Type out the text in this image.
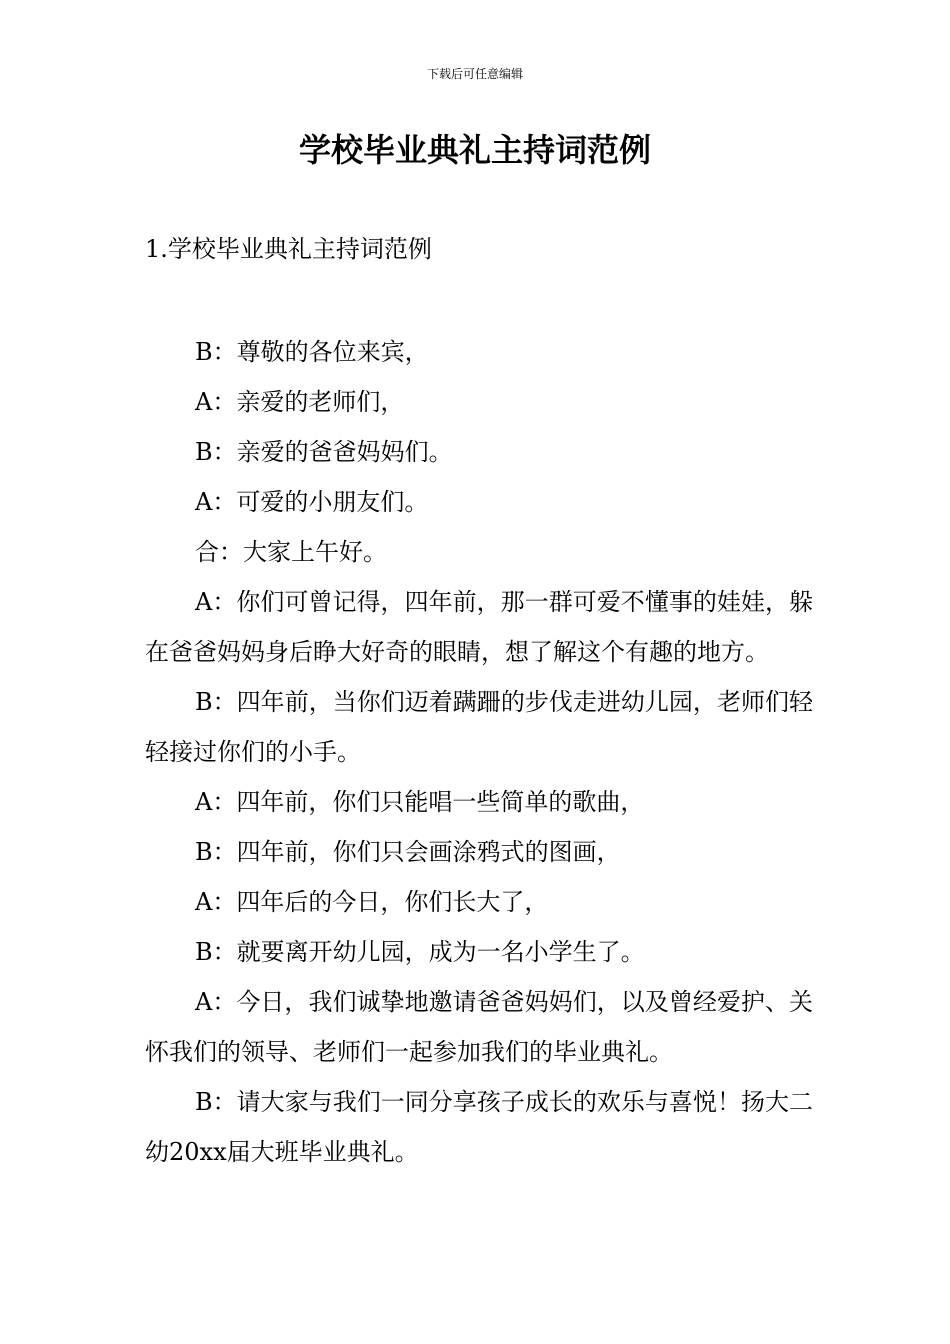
下载后可任意编辑
学校毕业典礼主持词范例
1.学校毕业典礼主持词范例

B：尊敬的各位来宾，

A：亲爱的老师们，

B：亲爱的爸爸妈妈们。

A：可爱的小朋友们。

合：大家上午好。

A：你们可曾记得，四年前，那一群可爱不懂事的娃娃，躲在爸爸妈妈身后睁大好奇的眼睛，想了解这个有趣的地方。

B：四年前，当你们迈着蹒跚的步伐走进幼儿园，老师们轻轻接过你们的小手。

A：四年前，你们只能唱一些简单的歌曲，

B：四年前，你们只会画涂鸦式的图画，

A：四年后的今日，你们长大了，

B：就要离开幼儿园，成为一名小学生了。

A：今日，我们诚挚地邀请爸爸妈妈们，以及曾经爱护、关怀我们的领导、老师们一起参加我们的毕业典礼。

B：请大家与我们一同分享孩子成长的欢乐与喜悦！扬大二幼20xx届大班毕业典礼。
